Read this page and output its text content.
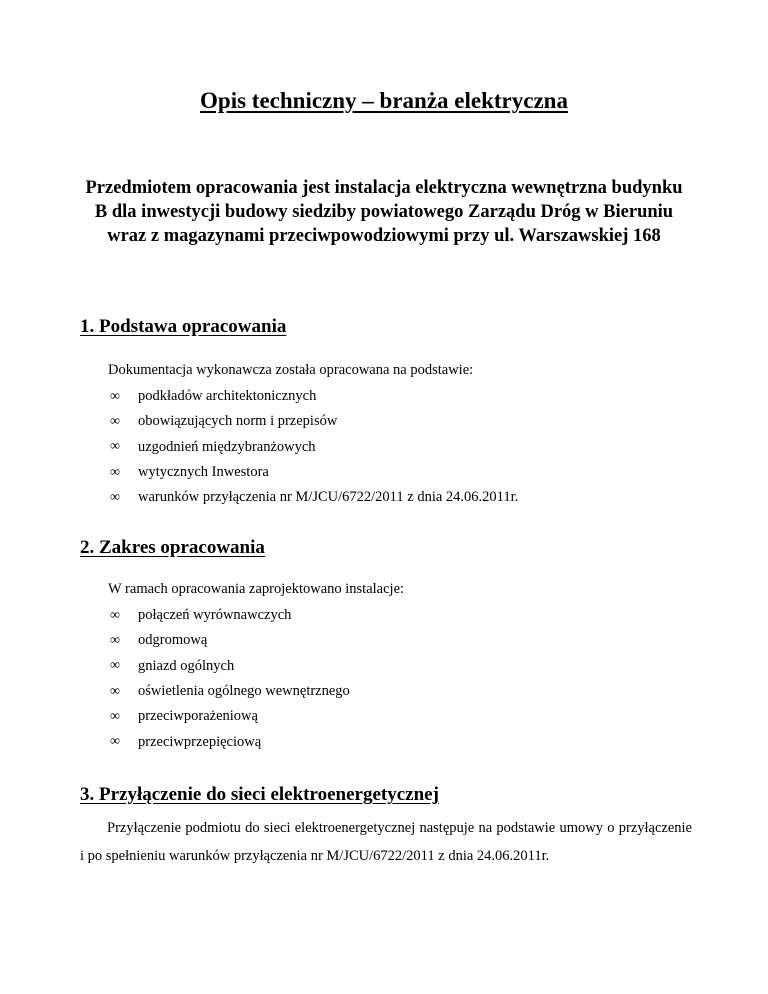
Opis techniczny – branża elektryczna
Przedmiotem opracowania jest instalacja elektryczna wewnętrzna budynku B dla inwestycji budowy siedziby powiatowego Zarządu Dróg w Bieruniu wraz z magazynami przeciwpowodziowymi przy ul. Warszawskiej 168
1. Podstawa opracowania
Dokumentacja wykonawcza została opracowana na podstawie:
∞	podkładów architektonicznych
∞	obowiązujących norm i przepisów
∞	uzgodnień międzybranżowych
∞	wytycznych Inwestora
∞	warunków przyłączenia nr M/JCU/6722/2011 z dnia 24.06.2011r.
2. Zakres opracowania
W ramach opracowania zaprojektowano instalacje:
∞	połączeń wyrównawczych
∞	odgromową
∞	gniazd ogólnych
∞	oświetlenia ogólnego wewnętrznego
∞	przeciwporażeniową
∞	przeciwprzepięciową
3. Przyłączenie do sieci elektroenergetycznej
Przyłączenie podmiotu do sieci elektroenergetycznej następuje na podstawie umowy o przyłączenie i po spełnieniu warunków przyłączenia nr M/JCU/6722/2011 z dnia 24.06.2011r.
